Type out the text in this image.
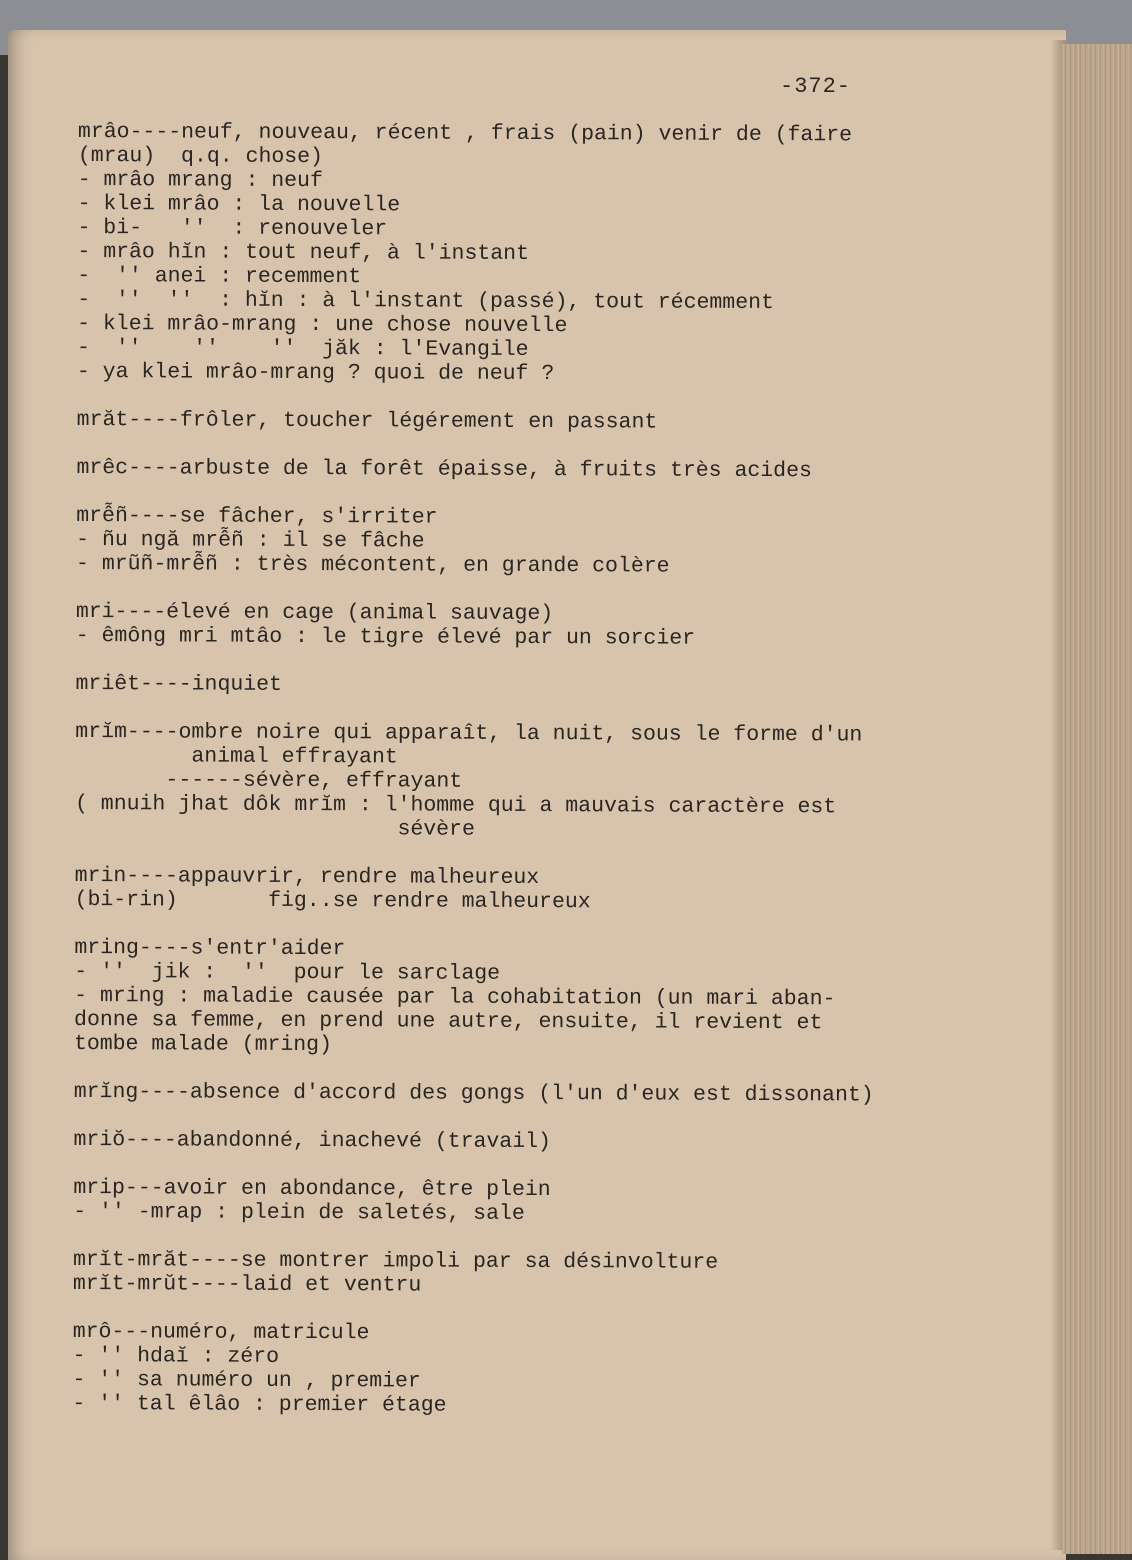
-372-
mrâo----neuf, nouveau, récent , frais (pain) venir de (faire
(mrau)  q.q. chose)
- mrâo mrang : neuf
- klei mrâo : la nouvelle
- bi-   ''  : renouveler
- mrâo hĭn : tout neuf, à l'instant
-  '' anei : recemment
-  ''  ''  : hĭn : à l'instant (passé), tout récemment
- klei mrâo-mrang : une chose nouvelle
-  ''    ''    ''  jăk : l'Evangile
- ya klei mrâo-mrang ? quoi de neuf ?
mrăt----frôler, toucher légérement en passant
mrêc----arbuste de la forêt épaisse, à fruits très acides
mrễñ----se fâcher, s'irriter
- ñu ngă mrễñ : il se fâche
- mrũñ-mrễñ : très mécontent, en grande colère
mri----élevé en cage (animal sauvage)
- êmông mri mtâo : le tigre élevé par un sorcier
mriêt----inquiet
mrĭm----ombre noire qui apparaît, la nuit, sous le forme d'un
animal effrayant
------sévère, effrayant
( mnuih jhat dôk mrĭm : l'homme qui a mauvais caractère est
sévère
mrin----appauvrir, rendre malheureux
(bi-rin)       fig..se rendre malheureux
mring----s'entr'aider
- ''  jik :  ''  pour le sarclage
- mring : maladie causée par la cohabitation (un mari aban-
donne sa femme, en prend une autre, ensuite, il revient et
tombe malade (mring)
mrĭng----absence d'accord des gongs (l'un d'eux est dissonant)
mriŏ----abandonné, inachevé (travail)
mrip---avoir en abondance, être plein
- '' -mrap : plein de saletés, sale
mrĭt-mrăt----se montrer impoli par sa désinvolture
mrĭt-mrŭt----laid et ventru
mrô---numéro, matricule
- '' hdaĭ : zéro
- '' sa numéro un , premier
- '' tal êlâo : premier étage
